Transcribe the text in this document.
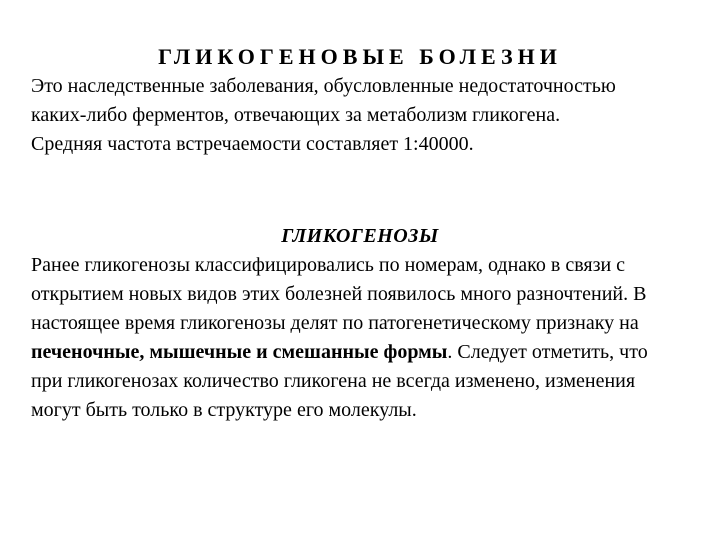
ГЛИКОГЕНОВЫЕ БОЛЕЗНИ

Это наследственные заболевания, обусловленные недостаточностью каких-либо ферментов, отвечающих за метаболизм гликогена.

Средняя частота встречаемости составляет 1:40000.

ГЛИКОГЕНОЗЫ

Ранее гликогенозы классифицировались по номерам, однако в связи с открытием новых видов этих болезней появилось много разночтений. В настоящее время гликогенозы делят по патогенетическому признаку на печеночные, мышечные и смешанные формы. Следует отметить, что при гликогенозах количество гликогена не всегда изменено, изменения могут быть только в структуре его молекулы.
